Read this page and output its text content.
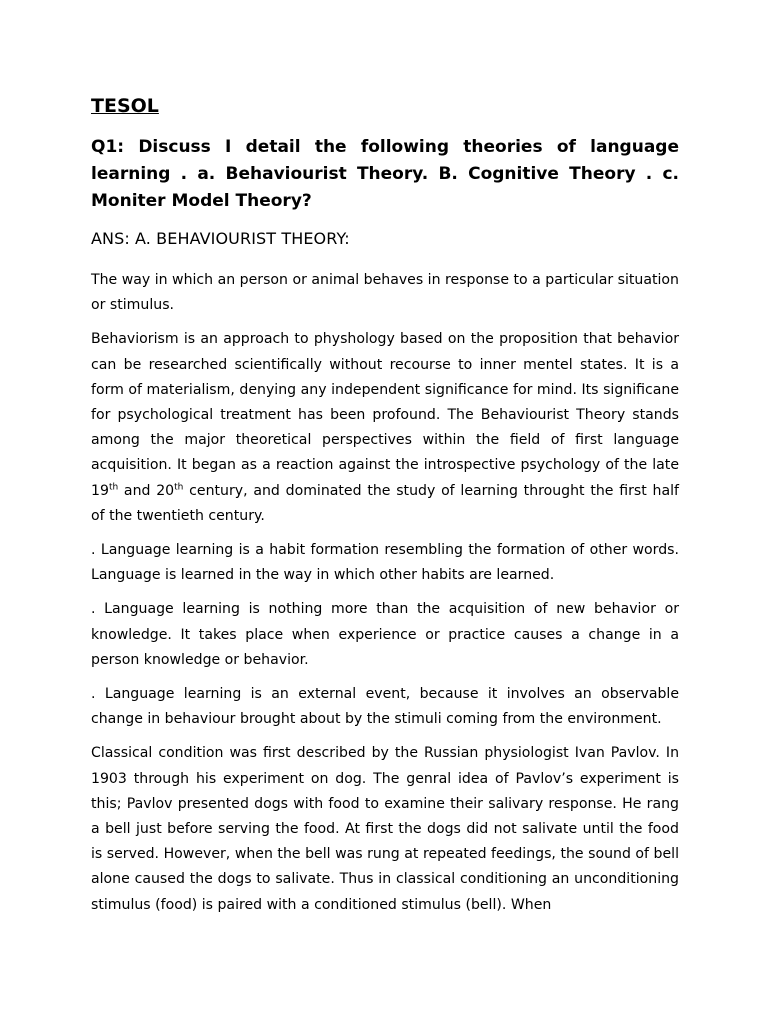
TESOL
Q1: Discuss I detail the following theories of language learning . a. Behaviourist Theory. B. Cognitive Theory . c. Moniter Model Theory?
ANS: A. BEHAVIOURIST THEORY:

The way in which an person or animal behaves in response to a particular situation or stimulus.

Behaviorism is an approach to physhology based on the proposition that behavior can be researched scientifically without recourse to inner mentel states. It is a form of materialism, denying any independent significance for mind. Its significane for psychological treatment has been profound. The Behaviourist Theory stands among the major theoretical perspectives within the field of first language acquisition. It began as a reaction against the introspective psychology of the late 19th and 20th century, and dominated the study of learning throught the first half of the twentieth century.

. Language learning is a habit formation resembling the formation of other words. Language is learned in the way in which other habits are learned.

. Language learning is nothing more than the acquisition of new behavior or knowledge. It takes place when experience or practice causes a change in a person knowledge or behavior.

. Language learning is an external event, because it involves an observable change in behaviour brought about by the stimuli coming from the environment.

Classical condition was first described by the Russian physiologist Ivan Pavlov. In 1903 through his experiment on dog. The genral idea of Pavlov’s experiment is this; Pavlov presented dogs with food to examine their salivary response. He rang a bell just before serving the food. At first the dogs did not salivate until the food is served. However, when the bell was rung at repeated feedings, the sound of bell alone caused the dogs to salivate. Thus in classical conditioning an unconditioning stimulus (food) is paired with a conditioned stimulus (bell). When
